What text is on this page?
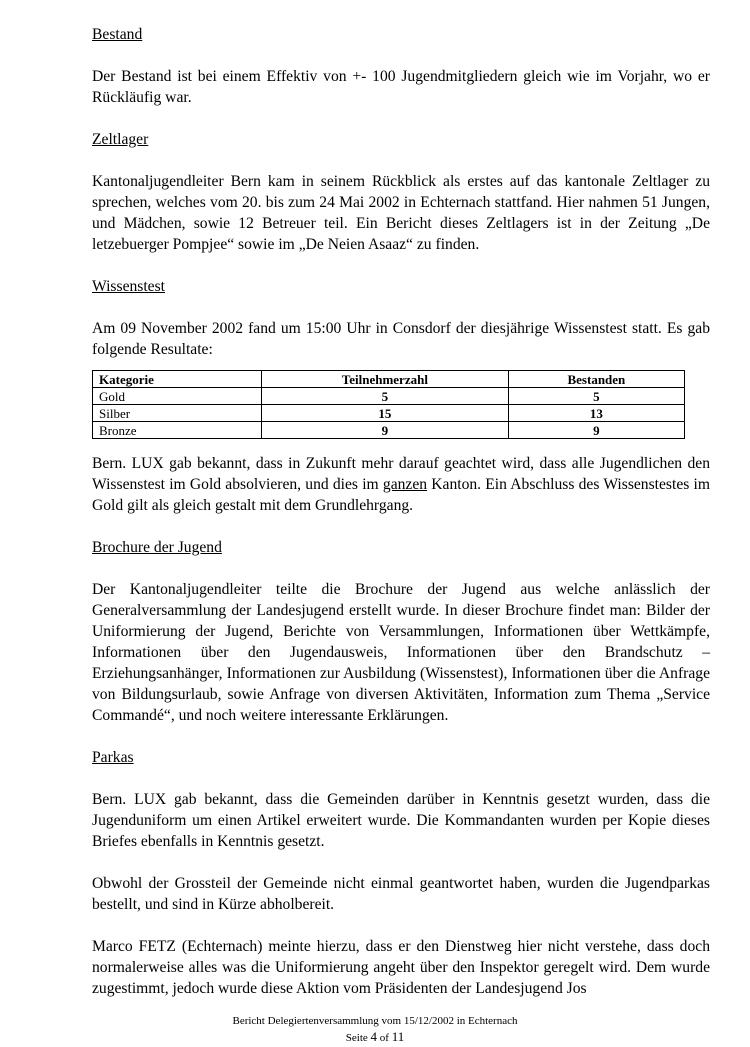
Bestand

Der Bestand ist bei einem Effektiv von +- 100 Jugendmitgliedern gleich wie im Vorjahr, wo er Rückläufig war.

Zeltlager

Kantonaljugendleiter Bern kam in seinem Rückblick als erstes auf das kantonale Zeltlager zu sprechen, welches vom 20. bis zum 24 Mai 2002 in Echternach stattfand. Hier nahmen 51 Jungen, und Mädchen, sowie 12 Betreuer teil. Ein Bericht dieses Zeltlagers ist in der Zeitung „De letzebuerger Pompjee“ sowie im „De Neien Asaaz“ zu finden.

Wissenstest

Am 09 November 2002 fand um 15:00 Uhr in Consdorf der diesjährige Wissenstest statt. Es gab folgende Resultate:

Kategorie	Teilnehmerzahl	Bestanden
Gold	5	5
Silber	15	13
Bronze	9	9

Bern. LUX gab bekannt, dass in Zukunft mehr darauf geachtet wird, dass alle Jugendlichen den Wissenstest im Gold absolvieren, und dies im ganzen Kanton. Ein Abschluss des Wissenstestes im Gold gilt als gleich gestalt mit dem Grundlehrgang.

Brochure der Jugend

Der Kantonaljugendleiter teilte die Brochure der Jugend aus welche anlässlich der Generalversammlung der Landesjugend erstellt wurde. In dieser Brochure findet man: Bilder der Uniformierung der Jugend, Berichte von Versammlungen, Informationen über Wettkämpfe, Informationen über den Jugendausweis, Informationen über den Brandschutz – Erziehungsanhänger, Informationen zur Ausbildung (Wissenstest), Informationen über die Anfrage von Bildungsurlaub, sowie Anfrage von diversen Aktivitäten, Information zum Thema „Service Commandé“, und noch weitere interessante Erklärungen.

Parkas

Bern. LUX gab bekannt, dass die Gemeinden darüber in Kenntnis gesetzt wurden, dass die Jugenduniform um einen Artikel erweitert wurde. Die Kommandanten wurden per Kopie dieses Briefes ebenfalls in Kenntnis gesetzt.

Obwohl der Grossteil der Gemeinde nicht einmal geantwortet haben, wurden die Jugendparkas bestellt, und sind in Kürze abholbereit.

Marco FETZ (Echternach) meinte hierzu, dass er den Dienstweg hier nicht verstehe, dass doch normalerweise alles was die Uniformierung angeht über den Inspektor geregelt wird. Dem wurde zugestimmt, jedoch wurde diese Aktion vom Präsidenten der Landesjugend Jos

Bericht Delegiertenversammlung vom 15/12/2002 in Echternach
Seite 4 of 11
